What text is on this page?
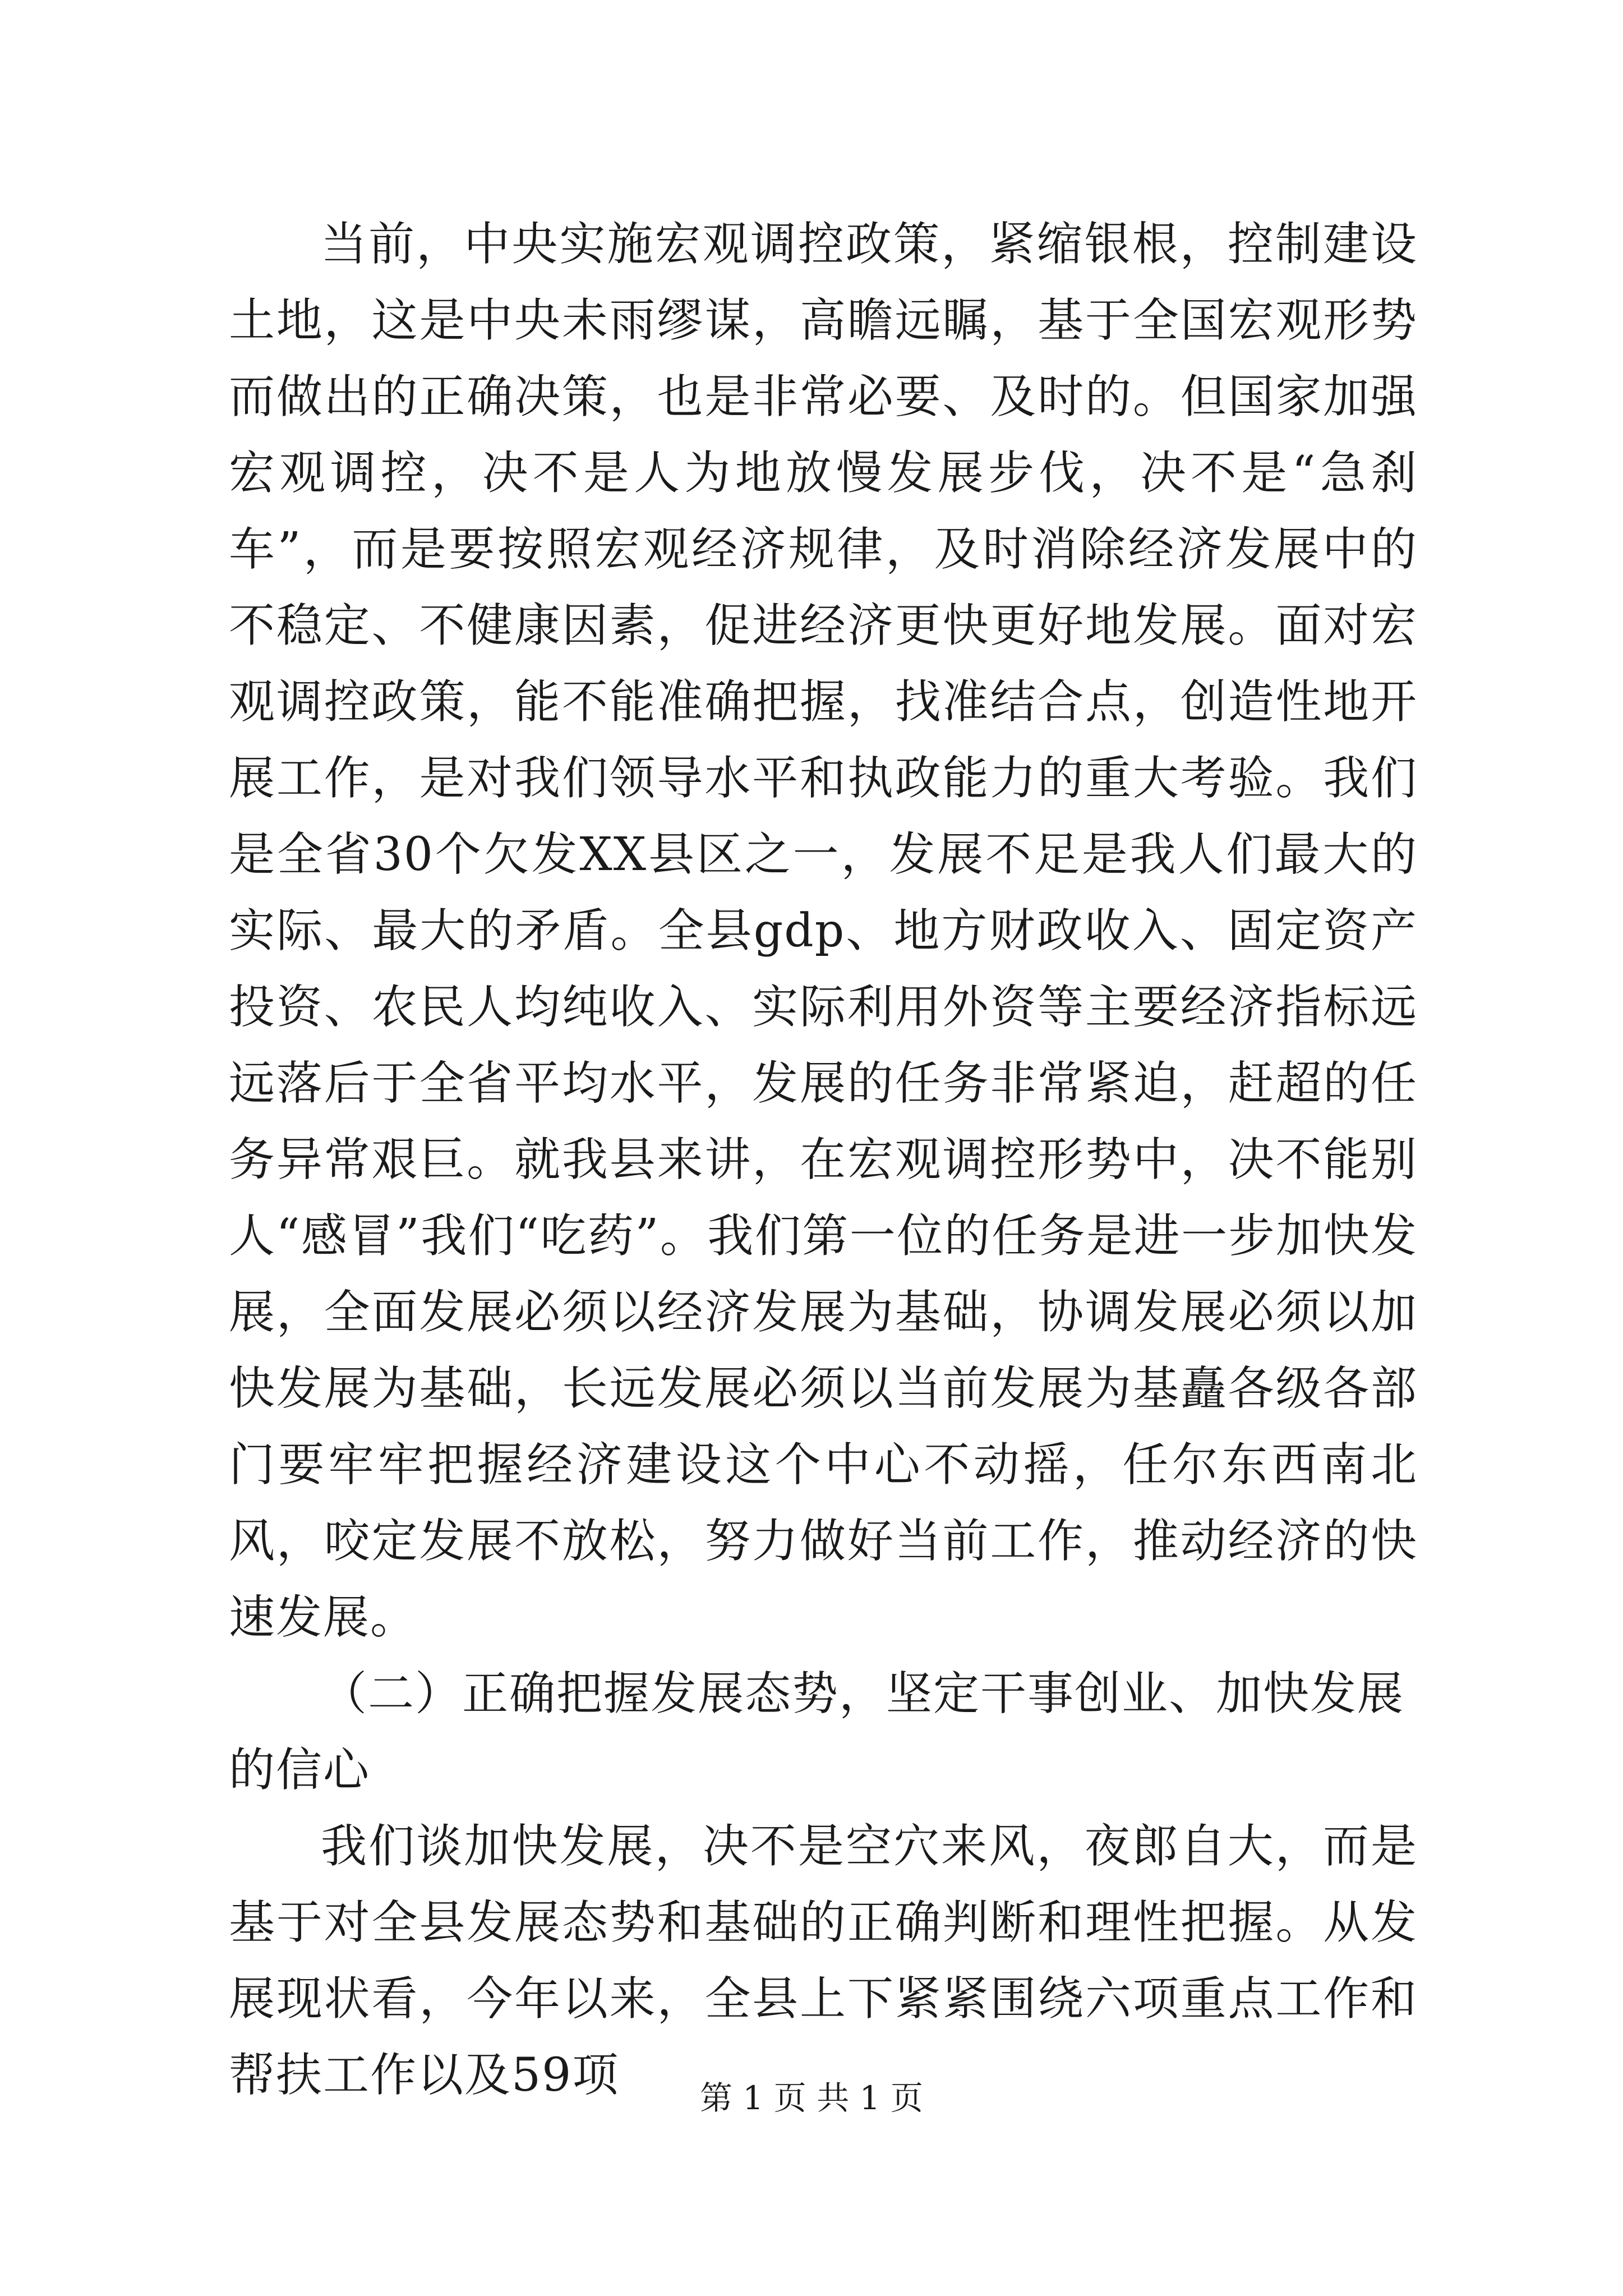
当前，中央实施宏观调控政策，紧缩银根，控制建设土地，这是中央未雨缪谋，高瞻远瞩，基于全国宏观形势而做出的正确决策，也是非常必要、及时的。但国家加强宏观调控，决不是人为地放慢发展步伐，决不是“急刹车”，而是要按照宏观经济规律，及时消除经济发展中的不稳定、不健康因素，促进经济更快更好地发展。面对宏观调控政策，能不能准确把握，找准结合点，创造性地开展工作，是对我们领导水平和执政能力的重大考验。我们是全省30个欠发XX县区之一，发展不足是我人们最大的实际、最大的矛盾。全县gdp、地方财政收入、固定资产投资、农民人均纯收入、实际利用外资等主要经济指标远远落后于全省平均水平，发展的任务非常紧迫，赶超的任务异常艰巨。就我县来讲，在宏观调控形势中，决不能别人“感冒”我们“吃药”。我们第一位的任务是进一步加快发展，全面发展必须以经济发展为基础，协调发展必须以加快发展为基础，长远发展必须以当前发展为基矗各级各部门要牢牢把握经济建设这个中心不动摇，任尔东西南北风，咬定发展不放松，努力做好当前工作，推动经济的快速发展。

（二）正确把握发展态势，坚定干事创业、加快发展的信心

我们谈加快发展，决不是空穴来风，夜郎自大，而是基于对全县发展态势和基础的正确判断和理性把握。从发展现状看，今年以来，全县上下紧紧围绕六项重点工作和帮扶工作以及59项	第 1 页 共 1 页
